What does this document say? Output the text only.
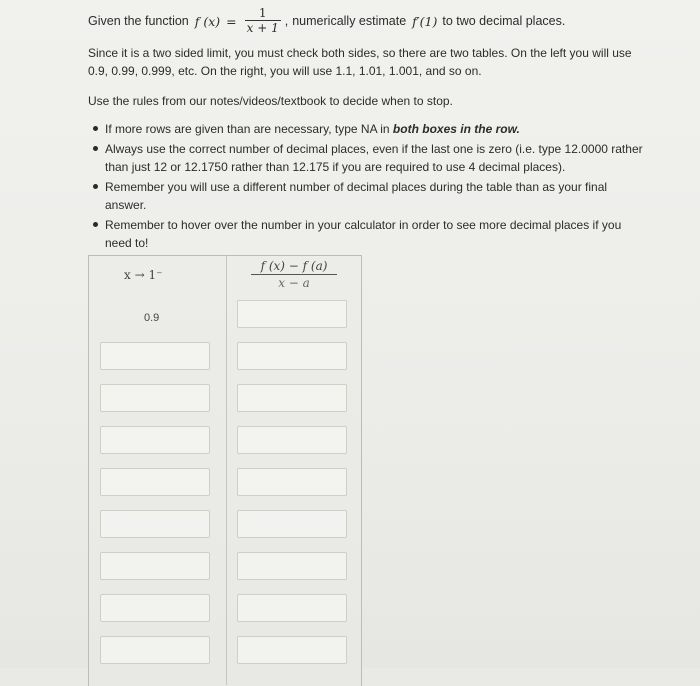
Given the function f $(x) = \frac{1}{x + 1}$ , numerically estimate f′(1) to two decimal places.
Since it is a two sided limit, you must check both sides, so there are two tables. On the left you will use 0.9, 0.99, 0.999, etc. On the right, you will use 1.1, 1.01, 1.001, and so on.
Use the rules from our notes/videos/textbook to decide when to stop.
If more rows are given than are necessary, type NA in both boxes in the row.
Always use the correct number of decimal places, even if the last one is zero (i.e. type 12.0000 rather than just 12 or 12.1750 rather than 12.175 if you are required to use 4 decimal places).
Remember you will use a different number of decimal places during the table than as your final answer.
Remember to hover over the number in your calculator in order to see more decimal places if you need to!
x → 1⁻	$\frac{f (x) - f (a)}{x - a}$
0.9
